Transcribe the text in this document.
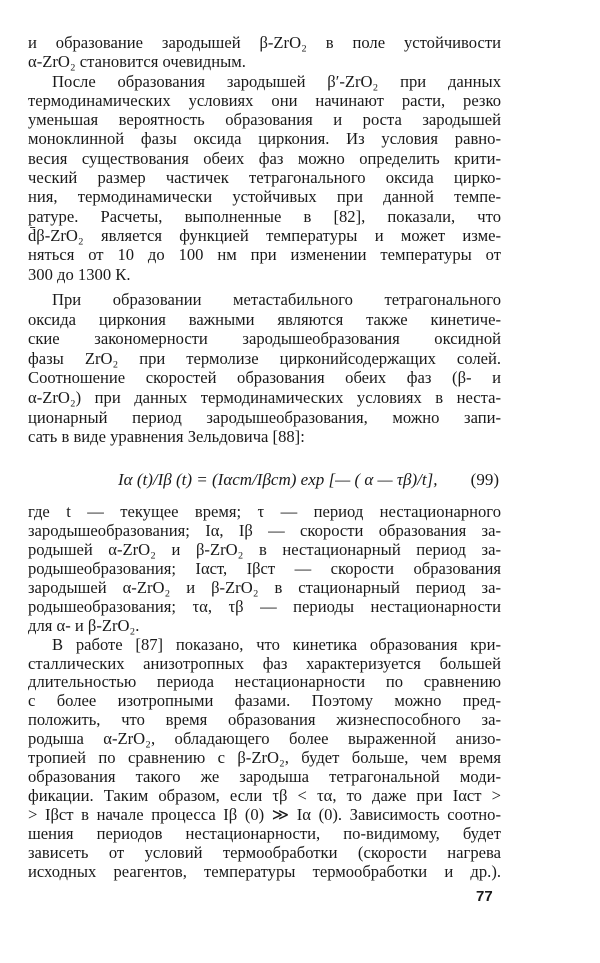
и образование зародышей β-ZrO₂ в поле устойчивости
α-ZrO₂ становится очевидным.
После образования зародышей β′-ZrO₂ при данных
термодинамических условиях они начинают расти, резко
уменьшая вероятность образования и роста зародышей
моноклинной фазы оксида циркония. Из условия равно-
весия существования обеих фаз можно определить крити-
ческий размер частичек тетрагонального оксида цирко-
ния, термодинамически устойчивых при данной темпе-
ратуре. Расчеты, выполненные в [82], показали, что
d̄β-ZrO₂ является функцией температуры и может изме-
няться от 10 до 100 нм при изменении температуры от
300 до 1300 К.
При образовании метастабильного тетрагонального
оксида циркония важными являются также кинетиче-
ские закономерности зародышеобразования оксидной
фазы ZrO₂ при термолизе цирконийсодержащих солей.
Соотношение скоростей образования обеих фаз (β- и
α-ZrO₂) при данных термодинамических условиях в неста-
ционарный период зародышеобразования, можно запи-
сать в виде уравнения Зельдовича [88]:
Iα (t)/Iβ (t) = (Iαст/Iβст) exp [— ( α — τβ)/t], (99)
где t — текущее время; τ — период нестационарного
зародышеобразования; Iα, Iβ — скорости образования за-
родышей α-ZrO₂ и β-ZrO₂ в нестационарный период за-
родышеобразования; Iαст, Iβст — скорости образования
зародышей α-ZrO₂ и β-ZrO₂ в стационарный период за-
родышеобразования; τα, τβ — периоды нестационарности
для α- и β-ZrO₂.
В работе [87] показано, что кинетика образования кри-
сталлических анизотропных фаз характеризуется большей
длительностью периода нестационарности по сравнению
с более изотропными фазами. Поэтому можно пред-
положить, что время образования жизнеспособного за-
родыша α-ZrO₂, обладающего более выраженной анизо-
тропией по сравнению с β-ZrO₂, будет больше, чем время
образования такого же зародыша тетрагональной моди-
фикации. Таким образом, если τβ < τα, то даже при Iαст >
> Iβст в начале процесса Iβ (0) ≫ Iα (0). Зависимость соотно-
шения периодов нестационарности, по-видимому, будет
зависеть от условий термообработки (скорости нагрева
исходных реагентов, температуры термообработки и др.).
77
